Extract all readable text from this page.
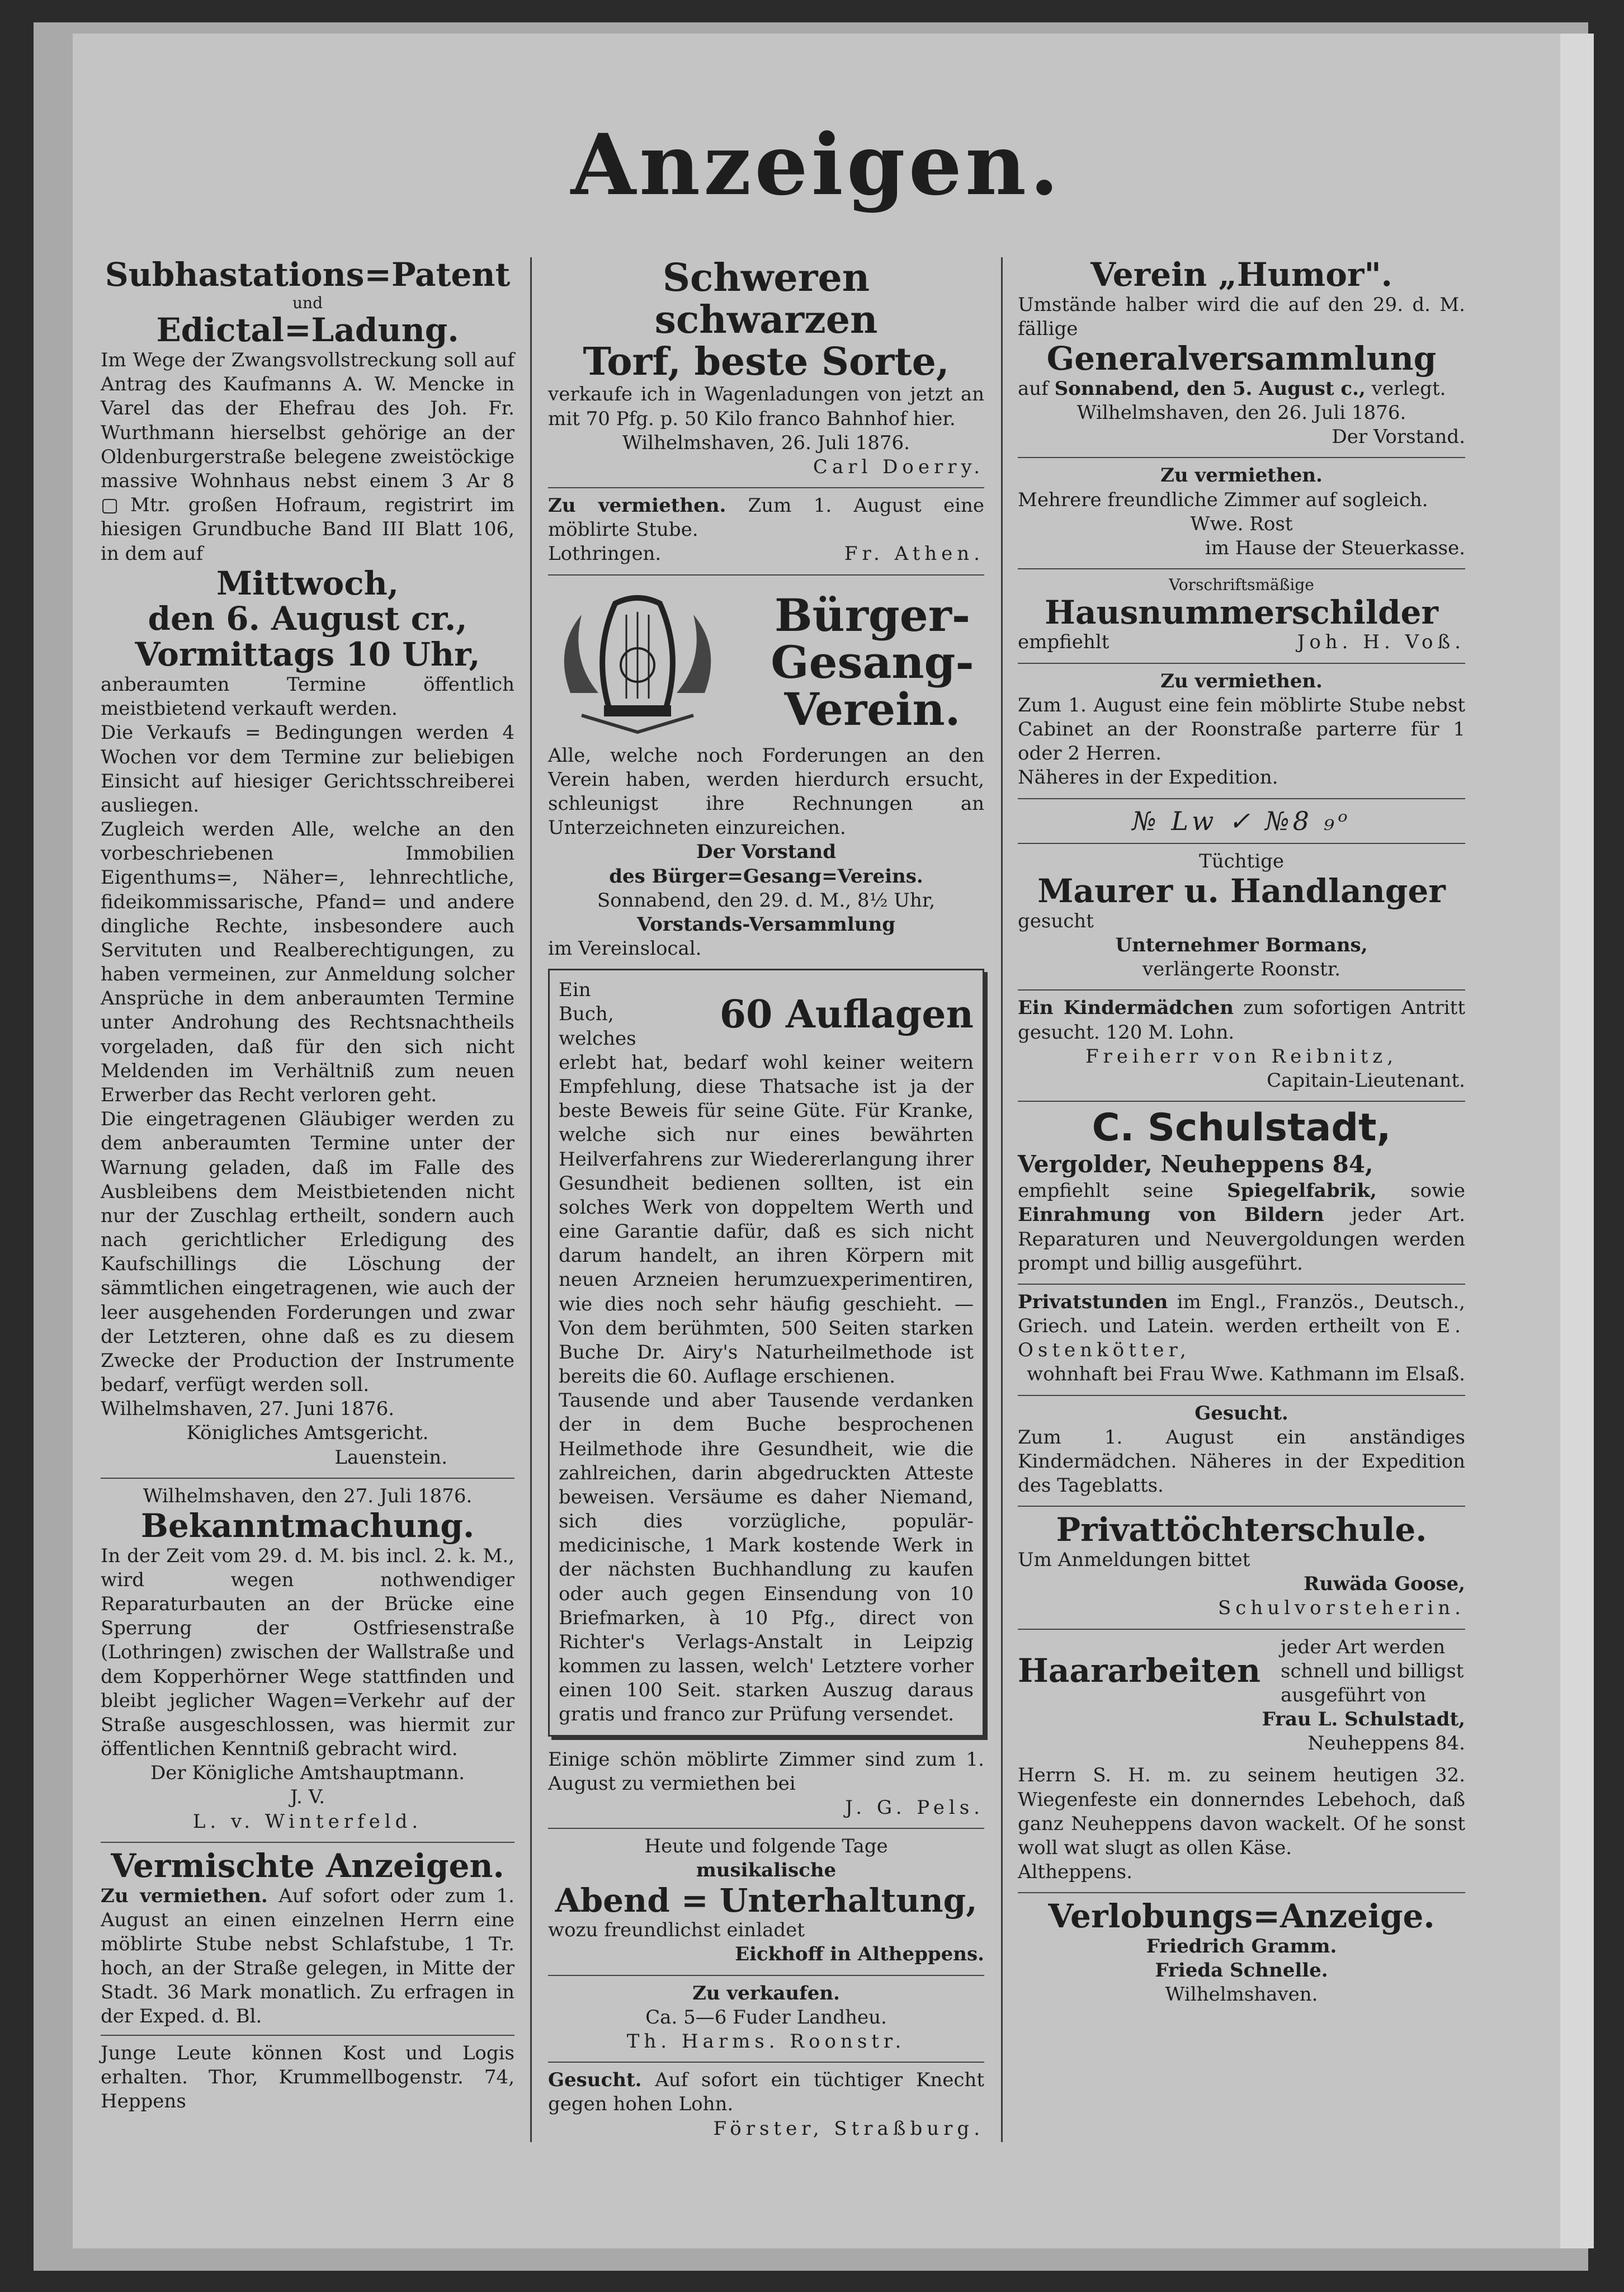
Anzeigen.
Subhastations=Patent
und
Edictal=Ladung.

Im Wege der Zwangsvollstreckung soll auf Antrag des Kaufmanns A. W. Mencke in Varel das der Ehefrau des Joh. Fr. Wurthmann hierselbst gehörige an der Oldenburgerstraße belegene zweistöckige massive Wohnhaus nebst einem 3 Ar 8 ▢Mtr. großen Hofraum, registrirt im hiesigen Grundbuche Band III Blatt 106, in dem auf

Mittwoch,
den 6. August cr.,
Vormittags 10 Uhr,

anberaumten Termine öffentlich meistbietend verkauft werden.

Die Verkaufs = Bedingungen werden 4 Wochen vor dem Termine zur beliebigen Einsicht auf hiesiger Gerichtsschreiberei ausliegen.

Zugleich werden Alle, welche an den vorbeschriebenen Immobilien Eigenthums=, Näher=, lehnrechtliche, fideikommissarische, Pfand= und andere dingliche Rechte, insbesondere auch Servituten und Realberechtigungen, zu haben vermeinen, zur Anmeldung solcher Ansprüche in dem anberaumten Termine unter Androhung des Rechtsnachtheils vorgeladen, daß für den sich nicht Meldenden im Verhältniß zum neuen Erwerber das Recht verloren geht.

Die eingetragenen Gläubiger werden zu dem anberaumten Termine unter der Warnung geladen, daß im Falle des Ausbleibens dem Meistbietenden nicht nur der Zuschlag ertheilt, sondern auch nach gerichtlicher Erledigung des Kaufschillings die Löschung der sämmtlichen eingetragenen, wie auch der leer ausgehenden Forderungen und zwar der Letzteren, ohne daß es zu diesem Zwecke der Production der Instrumente bedarf, verfügt werden soll.

Wilhelmshaven, 27. Juni 1876.

Königliches Amtsgericht.
Lauenstein.
Wilhelmshaven, den 27. Juli 1876.
Bekanntmachung.

In der Zeit vom 29. d. M. bis incl. 2. k. M., wird wegen nothwendiger Reparaturbauten an der Brücke eine Sperrung der Ostfriesenstraße (Lothringen) zwischen der Wallstraße und dem Kopperhörner Wege stattfinden und bleibt jeglicher Wagen=Verkehr auf der Straße ausgeschlossen, was hiermit zur öffentlichen Kenntniß gebracht wird.

Der Königliche Amtshauptmann.
J. V.
L. v. Winterfeld.
Vermischte Anzeigen.

Zu vermiethen. Auf sofort oder zum 1. August an einen einzelnen Herrn eine möblirte Stube nebst Schlafstube, 1 Tr. hoch, an der Straße gelegen, in Mitte der Stadt. 36 Mark monatlich. Zu erfragen in der Exped. d. Bl.

Junge Leute können Kost und Logis erhalten. Thor, Krummellbogenstr. 74, Heppens

Schweren schwarzen
Torf, beste Sorte,

verkaufe ich in Wagenladungen von jetzt an mit 70 Pfg. p. 50 Kilo franco Bahnhof hier.

Wilhelmshaven, 26. Juli 1876.
Carl Doerry.

Zu vermiethen. Zum 1. August eine möblirte Stube.

Lothringen.	Fr. Athen.
Bürger-Gesang-Verein.

Alle, welche noch Forderungen an den Verein haben, werden hierdurch ersucht, schleunigst ihre Rechnungen an Unterzeichneten einzureichen.

Der Vorstand
des Bürger=Gesang=Vereins.
Sonnabend, den 29. d. M., 8½ Uhr,
Vorstands-Versammlung
im Vereinslocal.
Ein Buch, welches
60 Auflagen

erlebt hat, bedarf wohl keiner weitern Empfehlung, diese Thatsache ist ja der beste Beweis für seine Güte. Für Kranke, welche sich nur eines bewährten Heilverfahrens zur Wiedererlangung ihrer Gesundheit bedienen sollten, ist ein solches Werk von doppeltem Werth und eine Garantie dafür, daß es sich nicht darum handelt, an ihren Körpern mit neuen Arzneien herumzuexperimentiren, wie dies noch sehr häufig geschieht. — Von dem berühmten, 500 Seiten starken Buche Dr. Airy's Naturheilmethode ist bereits die 60. Auflage erschienen.

Tausende und aber Tausende verdanken der in dem Buche besprochenen Heilmethode ihre Gesundheit, wie die zahlreichen, darin abgedruckten Atteste beweisen. Versäume es daher Niemand, sich dies vorzügliche, populär-medicinische, 1 Mark kostende Werk in der nächsten Buchhandlung zu kaufen oder auch gegen Einsendung von 10 Briefmarken, à 10 Pfg., direct von Richter's Verlags-Anstalt in Leipzig kommen zu lassen, welch' Letztere vorher einen 100 Seit. starken Auszug daraus gratis und franco zur Prüfung versendet.

Einige schön möblirte Zimmer sind zum 1. August zu vermiethen bei

J. G. Pels.
Heute und folgende Tage
musikalische
Abend = Unterhaltung,
wozu freundlichst einladet
Eickhoff in Altheppens.
Zu verkaufen.
Ca. 5—6 Fuder Landheu.
Th. Harms. Roonstr.

Gesucht. Auf sofort ein tüchtiger Knecht gegen hohen Lohn.

Förster, Straßburg.
Verein „Humor".

Umstände halber wird die auf den 29. d. M. fällige

Generalversammlung

auf Sonnabend, den 5. August c., verlegt.

Wilhelmshaven, den 26. Juli 1876.
Der Vorstand.
Zu vermiethen.

Mehrere freundliche Zimmer auf sogleich.

Wwe. Rost
im Hause der Steuerkasse.
Vorschriftsmäßige
Hausnummerschilder
empfiehlt	Joh. H. Voß.
Zu vermiethen.

Zum 1. August eine fein möblirte Stube nebst Cabinet an der Roonstraße parterre für 1 oder 2 Herren.

Näheres in der Expedition.
№ Lw ✓ №8 ₉ᵒ
Tüchtige
Maurer u. Handlanger
gesucht
Unternehmer Bormans,
verlängerte Roonstr.

Ein Kindermädchen zum sofortigen Antritt gesucht. 120 M. Lohn.

Freiherr von Reibnitz,
Capitain-Lieutenant.
C. Schulstadt,
Vergolder, Neuheppens 84,

empfiehlt seine Spiegelfabrik, sowie Einrahmung von Bildern jeder Art. Reparaturen und Neuvergoldungen werden prompt und billig ausgeführt.

Privatstunden im Engl., Französ., Deutsch., Griech. und Latein. werden ertheilt von E. Ostenkötter,

wohnhaft bei Frau Wwe. Kathmann im Elsaß.
Gesucht.

Zum 1. August ein anständiges Kindermädchen. Näheres in der Expedition des Tageblatts.

Privattöchterschule.
Um Anmeldungen bittet
Ruwäda Goose,
Schulvorsteherin.
Haararbeiten
jeder Art werden schnell und billigst ausgeführt von
Frau L. Schulstadt,
Neuheppens 84.

Herrn S. H. m. zu seinem heutigen 32. Wiegenfeste ein donnerndes Lebehoch, daß ganz Neuheppens davon wackelt. Of he sonst woll wat slugt as ollen Käse.

Altheppens.
Verlobungs=Anzeige.
Friedrich Gramm.
Frieda Schnelle.
Wilhelmshaven.
